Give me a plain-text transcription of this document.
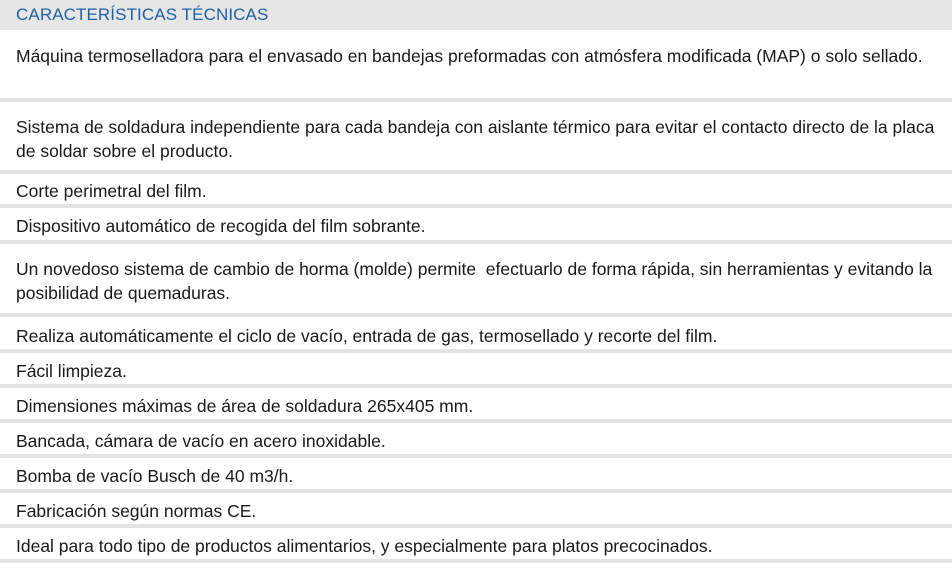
CARACTERÍSTICAS TÉCNICAS
Máquina termoselladora para el envasado en bandejas preformadas con atmósfera modificada (MAP) o solo sellado.
Sistema de soldadura independiente para cada bandeja con aislante térmico para evitar el contacto directo de la placa de soldar sobre el producto.
Corte perimetral del film.
Dispositivo automático de recogida del film sobrante.
Un novedoso sistema de cambio de horma (molde) permite  efectuarlo de forma rápida, sin herramientas y evitando la posibilidad de quemaduras.
Realiza automáticamente el ciclo de vacío, entrada de gas, termosellado y recorte del film.
Fácil limpieza.
Dimensiones máximas de área de soldadura 265x405 mm.
Bancada, cámara de vacío en acero inoxidable.
Bomba de vacío Busch de 40 m3/h.
Fabricación según normas CE.
Ideal para todo tipo de productos alimentarios, y especialmente para platos precocinados.
